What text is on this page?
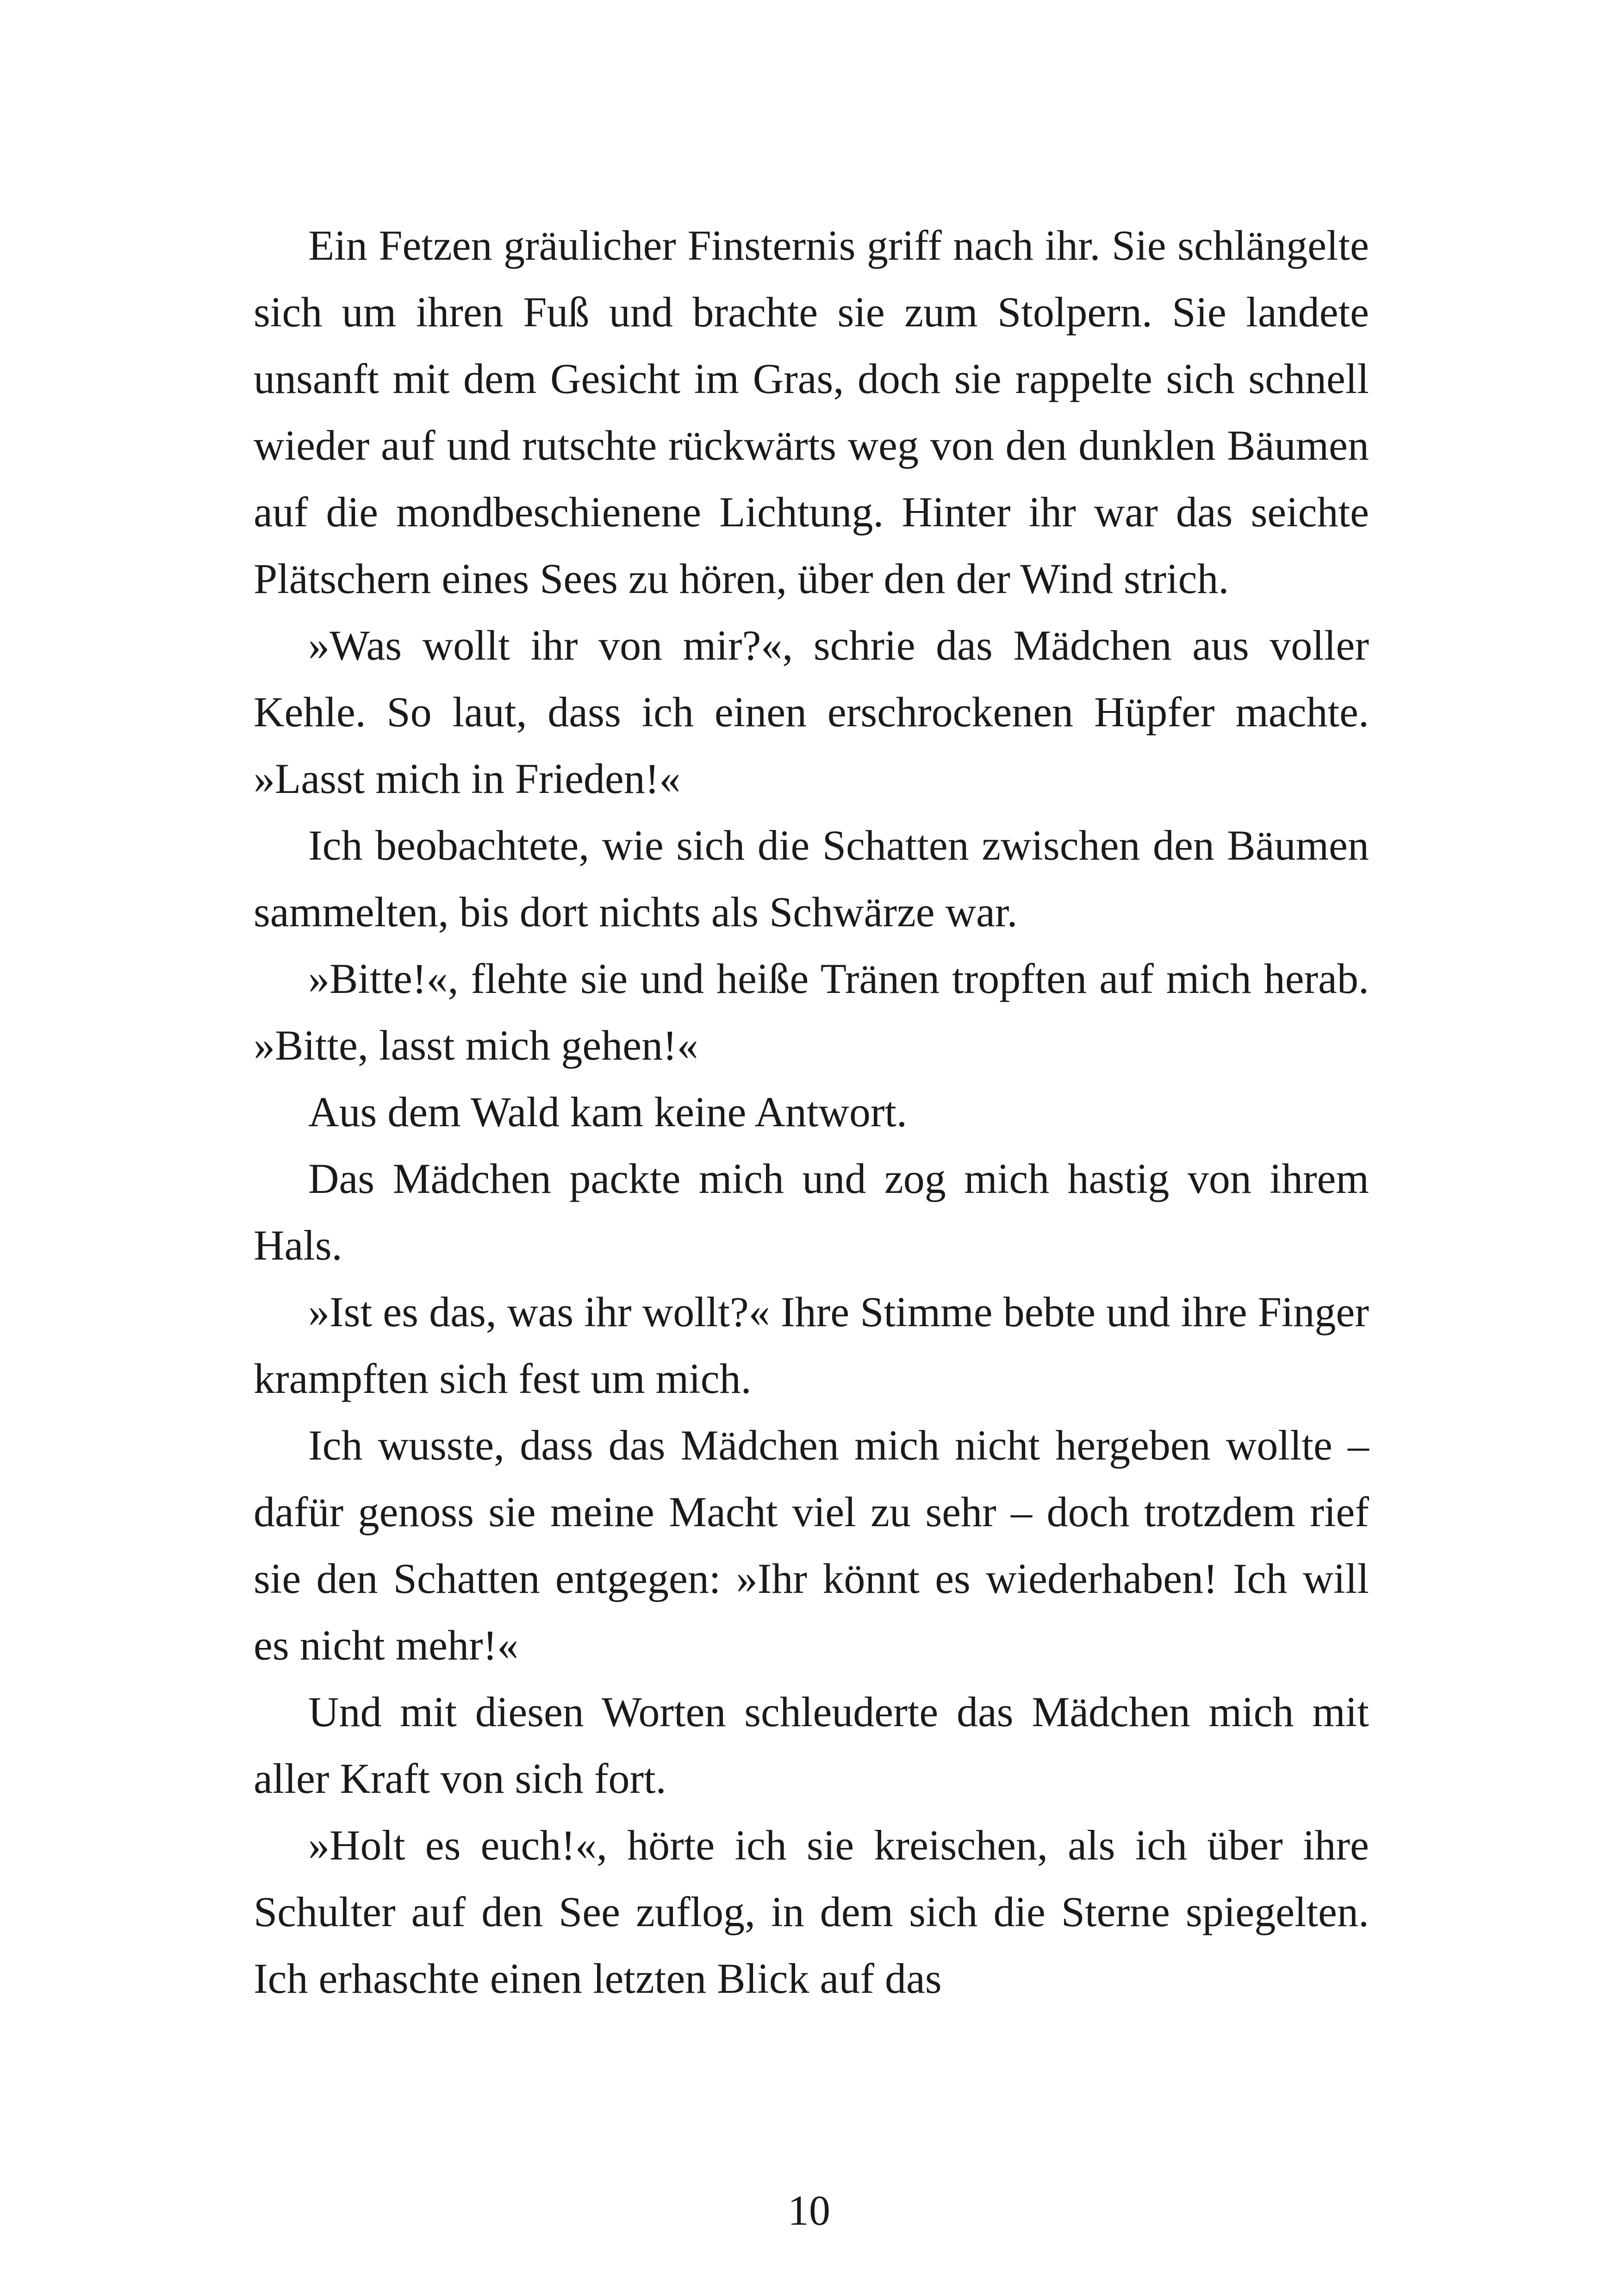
Ein Fetzen gräulicher Finsternis griff nach ihr. Sie schlängelte sich um ihren Fuß und brachte sie zum Stolpern. Sie landete unsanft mit dem Gesicht im Gras, doch sie rappelte sich schnell wieder auf und rutschte rückwärts weg von den dunklen Bäumen auf die mondbeschienene Lichtung. Hinter ihr war das seichte Plätschern eines Sees zu hören, über den der Wind strich.

»Was wollt ihr von mir?«, schrie das Mädchen aus voller Kehle. So laut, dass ich einen erschrockenen Hüpfer machte. »Lasst mich in Frieden!«

Ich beobachtete, wie sich die Schatten zwischen den Bäumen sammelten, bis dort nichts als Schwärze war.

»Bitte!«, flehte sie und heiße Tränen tropften auf mich herab. »Bitte, lasst mich gehen!«

Aus dem Wald kam keine Antwort.

Das Mädchen packte mich und zog mich hastig von ihrem Hals.

»Ist es das, was ihr wollt?« Ihre Stimme bebte und ihre Finger krampften sich fest um mich.

Ich wusste, dass das Mädchen mich nicht hergeben wollte – dafür genoss sie meine Macht viel zu sehr – doch trotzdem rief sie den Schatten entgegen: »Ihr könnt es wiederhaben! Ich will es nicht mehr!«

Und mit diesen Worten schleuderte das Mädchen mich mit aller Kraft von sich fort.

»Holt es euch!«, hörte ich sie kreischen, als ich über ihre Schulter auf den See zuflog, in dem sich die Sterne spiegelten. Ich erhaschte einen letzten Blick auf das

10
